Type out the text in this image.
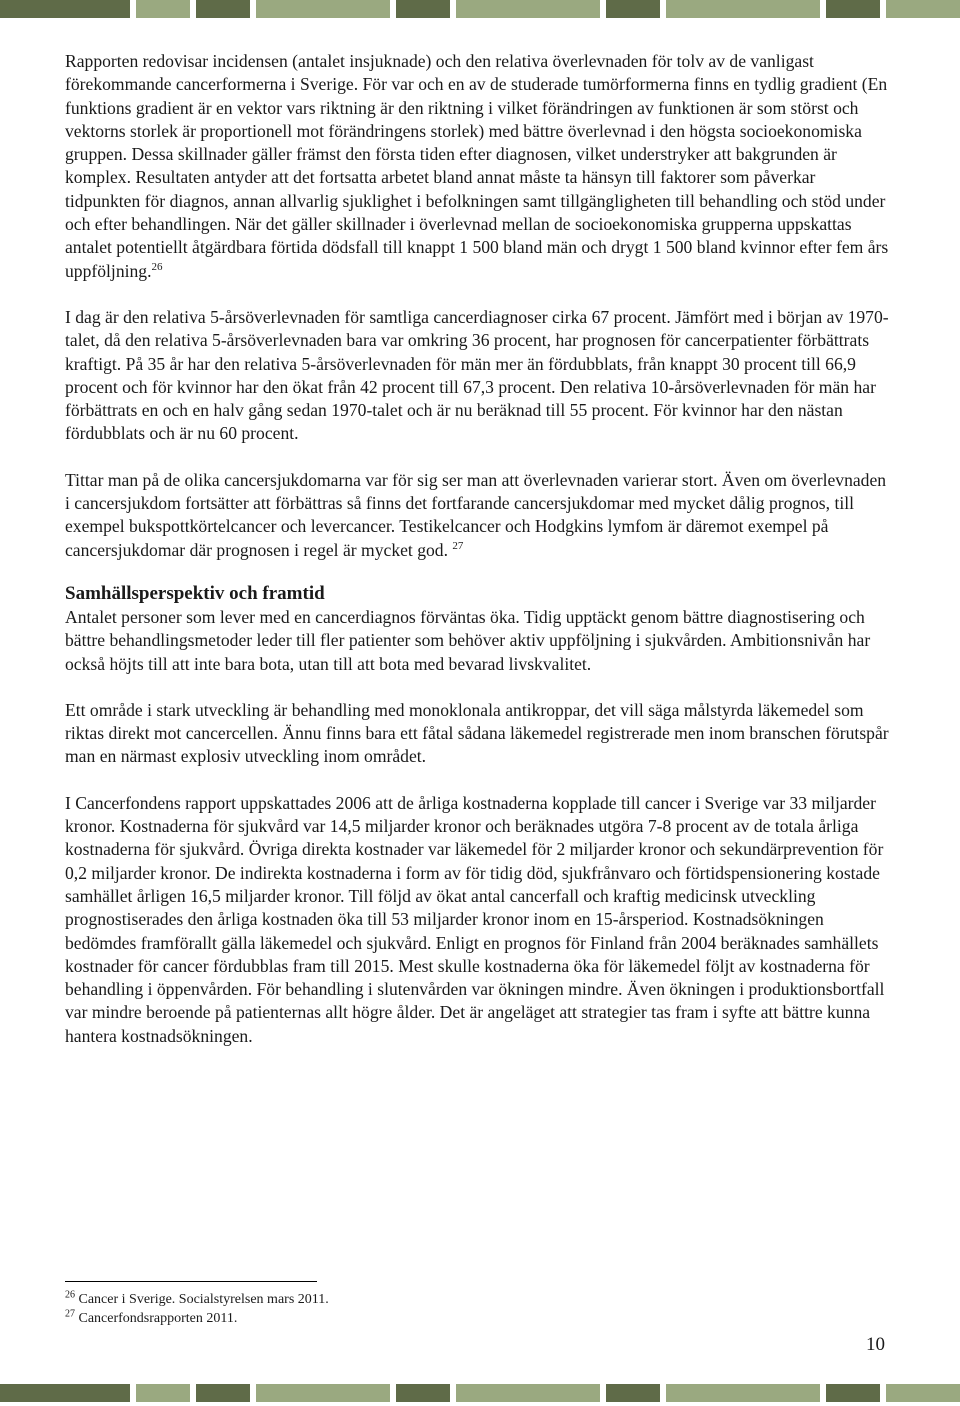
Rapporten redovisar incidensen (antalet insjuknade) och den relativa överlevnaden för tolv av de vanligast förekommande cancerformerna i Sverige. För var och en av de studerade tumörformerna finns en tydlig gradient (En funktions gradient är en vektor vars riktning är den riktning i vilket förändringen av funktionen är som störst och vektorns storlek är proportionell mot förändringens storlek) med bättre överlevnad i den högsta socioekonomiska gruppen. Dessa skillnader gäller främst den första tiden efter diagnosen, vilket understryker att bakgrunden är komplex. Resultaten antyder att det fortsatta arbetet bland annat måste ta hänsyn till faktorer som påverkar tidpunkten för diagnos, annan allvarlig sjuklighet i befolkningen samt tillgängligheten till behandling och stöd under och efter behandlingen. När det gäller skillnader i överlevnad mellan de socioekonomiska grupperna uppskattas antalet potentiellt åtgärdbara förtida dödsfall till knappt 1 500 bland män och drygt 1 500 bland kvinnor efter fem års uppföljning.$^{26}$

I dag är den relativa 5-årsöverlevnaden för samtliga cancerdiagnoser cirka 67 procent. Jämfört med i början av 1970-talet, då den relativa 5-årsöverlevnaden bara var omkring 36 procent, har prognosen för cancerpatienter förbättrats kraftigt. På 35 år har den relativa 5-årsöverlevnaden för män mer än fördubblats, från knappt 30 procent till 66,9 procent och för kvinnor har den ökat från 42 procent till 67,3 procent. Den relativa 10-årsöverlevnaden för män har förbättrats en och en halv gång sedan 1970-talet och är nu beräknad till 55 procent. För kvinnor har den nästan fördubblats och är nu 60 procent.

Tittar man på de olika cancersjukdomarna var för sig ser man att överlevnaden varierar stort. Även om överlevnaden i cancersjukdom fortsätter att förbättras så finns det fortfarande cancersjukdomar med mycket dålig prognos, till exempel bukspottkörtelcancer och levercancer. Testikelcancer och Hodgkins lymfom är däremot exempel på cancersjukdomar där prognosen i regel är mycket god. $^{27}$

Samhällsperspektiv och framtid

Antalet personer som lever med en cancerdiagnos förväntas öka. Tidig upptäckt genom bättre diagnostisering och bättre behandlingsmetoder leder till fler patienter som behöver aktiv uppföljning i sjukvården. Ambitionsnivån har också höjts till att inte bara bota, utan till att bota med bevarad livskvalitet.

Ett område i stark utveckling är behandling med monoklonala antikroppar, det vill säga målstyrda läkemedel som riktas direkt mot cancercellen. Ännu finns bara ett fåtal sådana läkemedel registrerade men inom branschen förutspår man en närmast explosiv utveckling inom området.

I Cancerfondens rapport uppskattades 2006 att de årliga kostnaderna kopplade till cancer i Sverige var 33 miljarder kronor. Kostnaderna för sjukvård var 14,5 miljarder kronor och beräknades utgöra 7-8 procent av de totala årliga kostnaderna för sjukvård. Övriga direkta kostnader var läkemedel för 2 miljarder kronor och sekundärprevention för 0,2 miljarder kronor. De indirekta kostnaderna i form av för tidig död, sjukfrånvaro och förtidspensionering kostade samhället årligen 16,5 miljarder kronor. Till följd av ökat antal cancerfall och kraftig medicinsk utveckling prognostiserades den årliga kostnaden öka till 53 miljarder kronor inom en 15-årsperiod. Kostnadsökningen bedömdes framförallt gälla läkemedel och sjukvård. Enligt en prognos för Finland från 2004 beräknades samhällets kostnader för cancer fördubblas fram till 2015. Mest skulle kostnaderna öka för läkemedel följt av kostnaderna för behandling i öppenvården. För behandling i slutenvården var ökningen mindre. Även ökningen i produktionsbortfall var mindre beroende på patienternas allt högre ålder. Det är angeläget att strategier tas fram i syfte att bättre kunna hantera kostnadsökningen.

$^{26}$ Cancer i Sverige. Socialstyrelsen mars 2011.
$^{27}$ Cancerfondsrapporten 2011.
10
